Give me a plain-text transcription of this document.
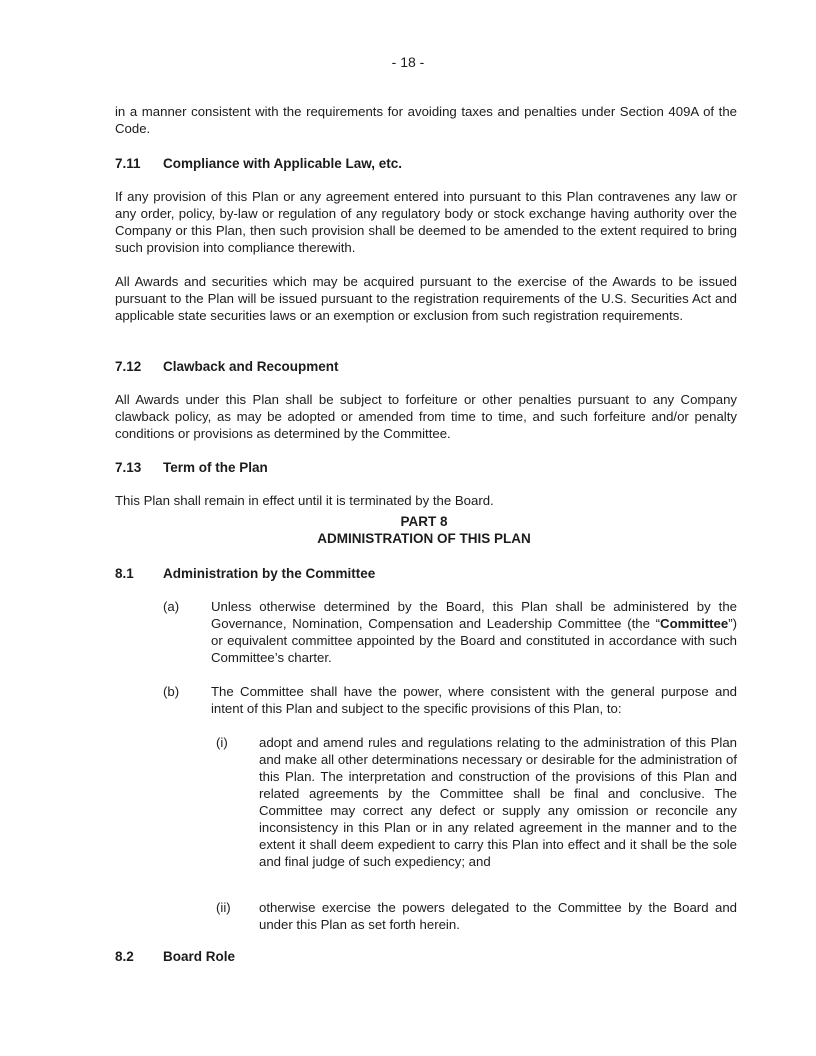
- 18 -
in a manner consistent with the requirements for avoiding taxes and penalties under Section 409A of the Code.
7.11 Compliance with Applicable Law, etc.
If any provision of this Plan or any agreement entered into pursuant to this Plan contravenes any law or any order, policy, by-law or regulation of any regulatory body or stock exchange having authority over the Company or this Plan, then such provision shall be deemed to be amended to the extent required to bring such provision into compliance therewith.
All Awards and securities which may be acquired pursuant to the exercise of the Awards to be issued pursuant to the Plan will be issued pursuant to the registration requirements of the U.S. Securities Act and applicable state securities laws or an exemption or exclusion from such registration requirements.
7.12 Clawback and Recoupment
All Awards under this Plan shall be subject to forfeiture or other penalties pursuant to any Company clawback policy, as may be adopted or amended from time to time, and such forfeiture and/or penalty conditions or provisions as determined by the Committee.
7.13 Term of the Plan
This Plan shall remain in effect until it is terminated by the Board.
PART 8
ADMINISTRATION OF THIS PLAN
8.1 Administration by the Committee
(a) Unless otherwise determined by the Board, this Plan shall be administered by the Governance, Nomination, Compensation and Leadership Committee (the “Committee”) or equivalent committee appointed by the Board and constituted in accordance with such Committee’s charter.
(b) The Committee shall have the power, where consistent with the general purpose and intent of this Plan and subject to the specific provisions of this Plan, to:
(i) adopt and amend rules and regulations relating to the administration of this Plan and make all other determinations necessary or desirable for the administration of this Plan. The interpretation and construction of the provisions of this Plan and related agreements by the Committee shall be final and conclusive. The Committee may correct any defect or supply any omission or reconcile any inconsistency in this Plan or in any related agreement in the manner and to the extent it shall deem expedient to carry this Plan into effect and it shall be the sole and final judge of such expediency; and
(ii) otherwise exercise the powers delegated to the Committee by the Board and under this Plan as set forth herein.
8.2 Board Role
